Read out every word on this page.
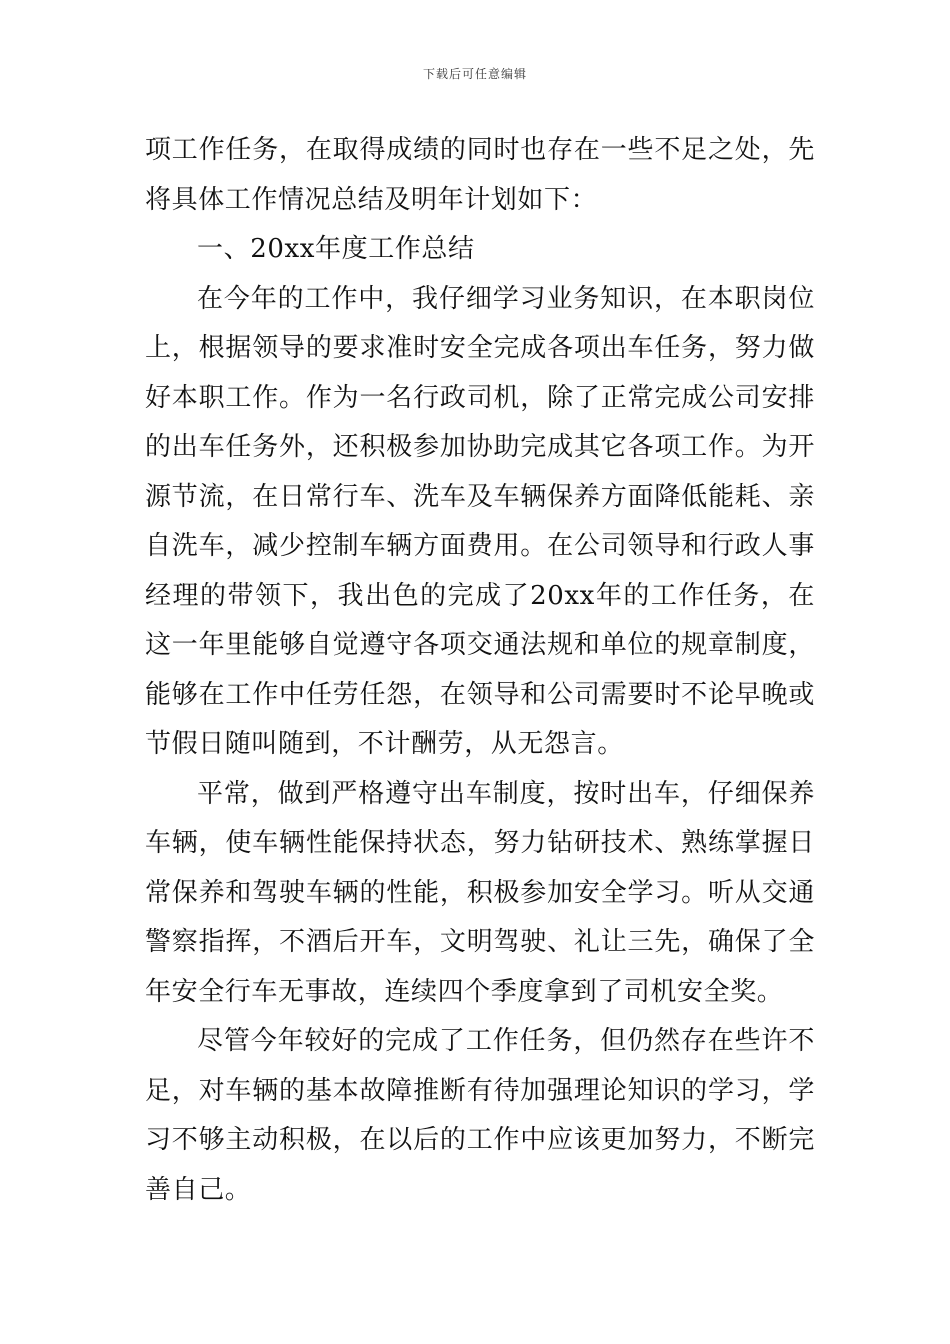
下载后可任意编辑

项工作任务，在取得成绩的同时也存在一些不足之处，先将具体工作情况总结及明年计划如下：

一、20xx年度工作总结

在今年的工作中，我仔细学习业务知识，在本职岗位上，根据领导的要求准时安全完成各项出车任务，努力做好本职工作。作为一名行政司机，除了正常完成公司安排的出车任务外，还积极参加协助完成其它各项工作。为开源节流，在日常行车、洗车及车辆保养方面降低能耗、亲自洗车，减少控制车辆方面费用。在公司领导和行政人事经理的带领下，我出色的完成了20xx年的工作任务，在这一年里能够自觉遵守各项交通法规和单位的规章制度，能够在工作中任劳任怨，在领导和公司需要时不论早晚或节假日随叫随到，不计酬劳，从无怨言。

平常，做到严格遵守出车制度，按时出车，仔细保养车辆，使车辆性能保持状态，努力钻研技术、熟练掌握日常保养和驾驶车辆的性能，积极参加安全学习。听从交通警察指挥，不酒后开车，文明驾驶、礼让三先，确保了全年安全行车无事故，连续四个季度拿到了司机安全奖。

尽管今年较好的完成了工作任务，但仍然存在些许不足，对车辆的基本故障推断有待加强理论知识的学习，学习不够主动积极，在以后的工作中应该更加努力，不断完善自己。
